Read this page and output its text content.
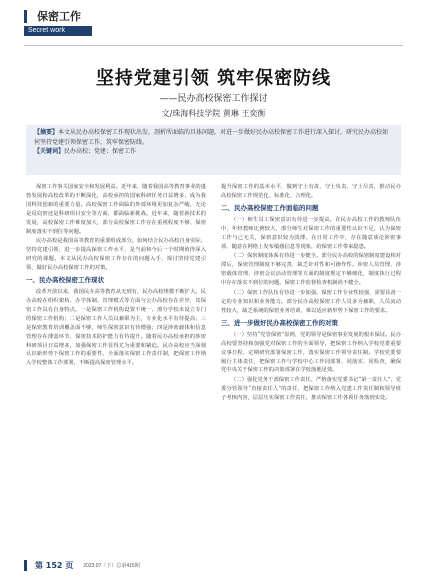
保密工作
Secret work
坚持党建引领 筑牢保密防线
——民办高校保密工作探讨
文/珠海科技学院 黄琳 王奕衡
【摘要】本文从民办高校保密工作现状出发，剖析所面临的具体问题，对进一步做好民办高校保密工作进行深入探讨，研究民办高校如何坚持党建引领保密工作，筑牢保密防线。
【关键词】民办高校；党建；保密工作

保密工作事关国家安全和发展利益。近年来，随着我国高等教育事业的蓬勃发展和高校改革的不断深化，高校承担的国家科研任务日益增多，成为我国科技创新的重要力量。高校保密工作面临的外部环境更加复杂严峻，无论是反窃密还是科研项目安全等方面，都面临新挑战。近年来，随着新技术的发展，高校保密工作难度加大，部分高校保密工作存在重视程度不够、保密制度落实不到位等问题。

民办高校是我国高等教育的重要组成部分。如何结合民办高校自身实际，坚持党建引领，进一步提高保密工作水平，是当前和今后一个时期值得深入研究的课题。本文从民办高校保密工作存在的问题入手，探讨坚持党建引领，做好民办高校保密工作的对策。

一、民办高校保密工作现状

改革开放以来，我国民办高等教育从无到有，民办高校规模不断扩大。民办高校在组织架构、办学体制、管理模式等方面与公办高校存在差异，其保密工作具有自身特点。一是保密工作机构设置不统一，部分学校未设立专门的保密工作机构；二是保密工作人员以兼职为主，专业化水平有待提高；三是保密教育培训覆盖面不够，师生保密意识有待增强；四是涉密载体和信息管理存在薄弱环节，保密技术防护能力有待提升。随着民办高校承担的涉密科研项目日益增多，加强保密工作显得尤为重要和紧迫。民办高校应当深刻认识新形势下保密工作的重要性，全面落实保密工作责任制，把保密工作纳入学校整体工作部署，不断提高保密管理水平。

提升保密工作的基本水平，做到守土有责、守土负责、守土尽责，推动民办高校保密工作规范化、标准化、合理化。

二、民办高校保密工作面临的问题

（一）师生员工保密意识有待进一步提高。在民办高校工作的教师队伍中，年轻教师比例较大，部分师生对保密工作的重要性认识不足，认为保密工作与己无关，保密意识较为淡薄。在日常工作中，存在随意谈论涉密事项、随意在网络上发布敏感信息等现象，给保密工作带来隐患。

（二）保密制度体系有待进一步健全。部分民办高校的保密制度建设相对滞后，保密管理制度不够完善，缺乏针对性和可操作性。涉密人员管理、涉密载体管理、涉密会议活动管理等方面的制度规定不够细化，制度执行过程中存在落实不到位的问题，保密工作监督检查机制尚不健全。

（三）保密工作队伍有待进一步加强。保密工作专业性较强，需要具备一定的专业知识和业务能力。部分民办高校保密工作人员多为兼职，人员流动性较大，缺乏系统的保密业务培训，难以适应新形势下保密工作的要求。

三、进一步做好民办高校保密工作的对策

（一）坚持“党管保密”原则，党的领导是保密事业发展的根本保证。民办高校要坚持和加强党对保密工作的全面领导，把保密工作纳入学校党委重要议事日程，定期研究部署保密工作，落实保密工作领导责任制。学校党委要履行主体责任，把保密工作与学校中心工作同部署、同落实、同检查，确保党中央关于保密工作的决策部署在学校落地见效。

（二）强化党务干部保密工作责任。严格落实党委书记“第一责任人”、党委分管领导“直接责任人”的责任，把保密工作纳入党建工作责任制和领导班子考核内容，层层压实保密工作责任，推动保密工作各项任务落到实处。

第 152 页 2023.07（下）总第415期
